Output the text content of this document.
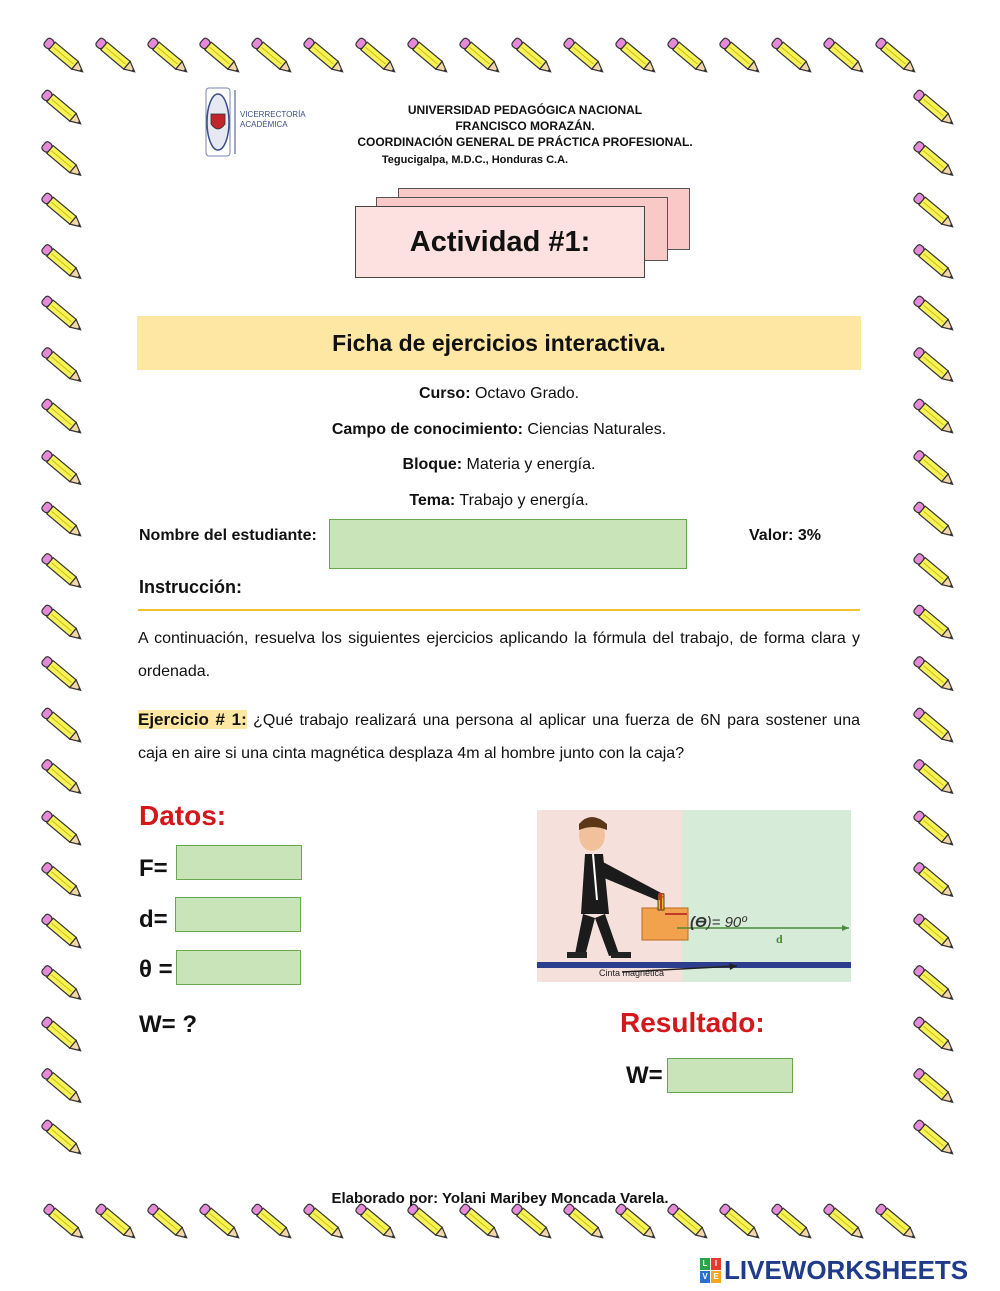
VICERRECTORÍA
ACADÉMICA
UNIVERSIDAD PEDAGÓGICA NACIONAL
FRANCISCO MORAZÁN.
COORDINACIÓN GENERAL DE PRÁCTICA PROFESIONAL.
Tegucigalpa, M.D.C., Honduras C.A.
Actividad #1:
Ficha de ejercicios interactiva.
Curso: Octavo Grado.
Campo de conocimiento: Ciencias Naturales.
Bloque: Materia y energía.
Tema: Trabajo y energía.
Nombre del estudiante:	Valor: 3%
Instrucción:
A continuación, resuelva los siguientes ejercicios aplicando la fórmula del trabajo, de forma clara y ordenada.
Ejercicio # 1: ¿Qué trabajo realizará una persona al aplicar una fuerza de 6N para sostener una caja en aire si una cinta magnética desplaza 4m al hombre junto con la caja?
Datos:
F=
d=
θ =
W= ?
F
(ϴ)= 90º
d
Cinta magnética
Resultado:
W=
Elaborado por: Yolani Maribey Moncada Varela.
L I
V E LIVEWORKSHEETS
